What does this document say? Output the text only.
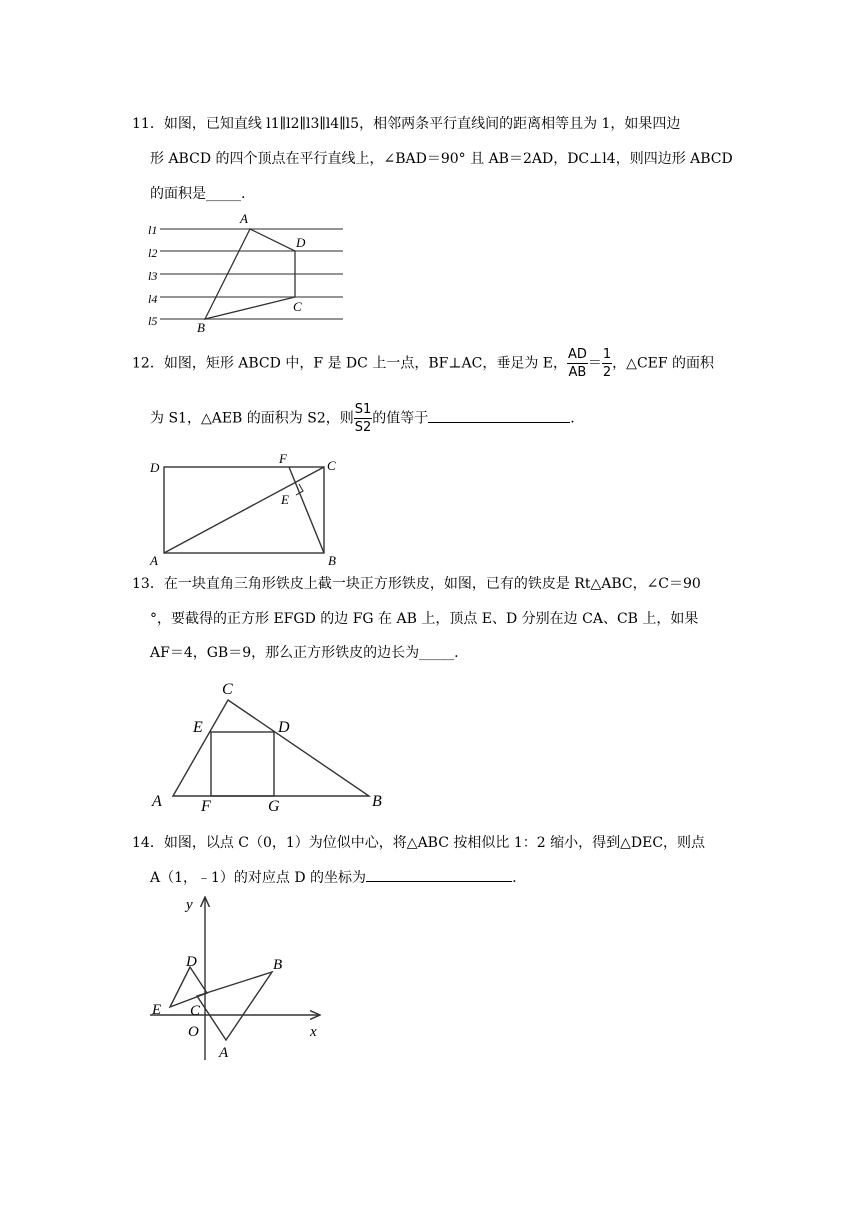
11．如图，已知直线 l1∥l2∥l3∥l4∥l5，相邻两条平行直线间的距离相等且为 1，如果四边
形 ABCD 的四个顶点在平行直线上，∠BAD＝90° 且 AB＝2AD，DC⊥l4，则四边形 ABCD
的面积是_____.
A
D
C
B
l1
l2
l3
l4
l5
12．如图，矩形 ABCD 中，F 是 DC 上一点，BF⊥AC，垂足为 E， $\frac{AD}{AB} = \frac{1}{2}$ ，△CEF 的面积
为 S1，△AEB 的面积为 S2，则 $\frac{S1}{S2}$ 的值等于	.
D
F	C
E
A	B
13．在一块直角三角形铁皮上截一块正方形铁皮，如图，已有的铁皮是 Rt△ABC，∠C＝90
°，要截得的正方形 EFGD 的边 FG 在 AB 上，顶点 E、D 分别在边 CA、CB 上，如果
AF＝4，GB＝9，那么正方形铁皮的边长为_____.
C
E	D
A F	G	B
14．如图，以点 C（0，1）为位似中心，将△ABC 按相似比 1：2 缩小，得到△DEC，则点
A（1，﹣1）的对应点 D 的坐标为	.
y
x
D	B
E C
O
A
